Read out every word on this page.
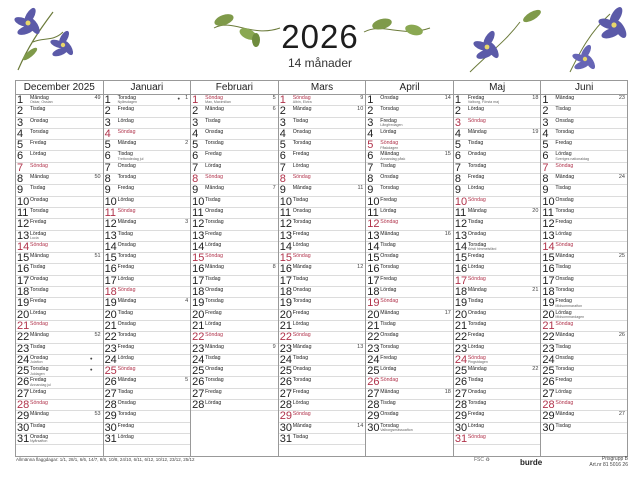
2026
14 månader
December 2025
1 Måndag
Oskar, Ossian
49
2 Tisdag
3 Onsdag
4 Torsdag
5 Fredag
6 Lördag
7 Söndag
8 Måndag	50
9 Tisdag
10 Onsdag
11 Torsdag
12 Fredag
13 Lördag
Lucia
14 Söndag
15 Måndag	51
16 Tisdag
17 Onsdag
18 Torsdag
19 Fredag
20 Lördag
21 Söndag
22 Måndag	52
23 Tisdag
24 Onsdag
Julafton
●
25 Torsdag
Juldagen
●
26 Fredag
Annandag jul
27 Lördag
28 Söndag
29 Måndag	53
30 Tisdag
31 Onsdag
Nyårsafton
Januari
1 Torsdag
Nyårsdagen
● 1
2 Fredag
3 Lördag
4 Söndag
5 Måndag	2
6 Tisdag
Trettondedag jul
7 Onsdag
8 Torsdag
9 Fredag
10 Lördag
11 Söndag
12 Måndag	3
13 Tisdag
14 Onsdag
15 Torsdag
16 Fredag
17 Lördag
18 Söndag
19 Måndag	4
20 Tisdag
21 Onsdag
22 Torsdag
23 Fredag
24 Lördag
25 Söndag
26 Måndag	5
27 Tisdag
28 Onsdag
29 Torsdag
30 Fredag
31 Lördag
Februari
1 Söndag
Max, Maximilian
5
2 Måndag	6
3 Tisdag
4 Onsdag
5 Torsdag
6 Fredag
7 Lördag
8 Söndag
9 Måndag	7
10 Tisdag
11 Onsdag
12 Torsdag
13 Fredag
14 Lördag
15 Söndag
16 Måndag	8
17 Tisdag
18 Onsdag
19 Torsdag
20 Fredag
21 Lördag
22 Söndag
23 Måndag	9
24 Tisdag
25 Onsdag
26 Torsdag
27 Fredag
28 Lördag
Mars
1 Söndag
Albin, Elvira
9
2 Måndag	10
3 Tisdag
4 Onsdag
5 Torsdag
6 Fredag
7 Lördag
8 Söndag
9 Måndag	11
10 Tisdag
11 Onsdag
12 Torsdag
13 Fredag
14 Lördag
15 Söndag
16 Måndag	12
17 Tisdag
18 Onsdag
19 Torsdag
20 Fredag
21 Lördag
22 Söndag
23 Måndag	13
24 Tisdag
25 Onsdag
26 Torsdag
27 Fredag
28 Lördag
29 Söndag
30 Måndag	14
31 Tisdag
April
1 Onsdag	14
2 Torsdag
3 Fredag
Långfredagen
4 Lördag
5 Söndag
Påskdagen
6 Måndag
Annandag påsk
15
7 Tisdag
8 Onsdag
9 Torsdag
10 Fredag
11 Lördag
12 Söndag
13 Måndag	16
14 Tisdag
15 Onsdag
16 Torsdag
17 Fredag
18 Lördag
19 Söndag
20 Måndag	17
21 Tisdag
22 Onsdag
23 Torsdag
24 Fredag
25 Lördag
26 Söndag
27 Måndag	18
28 Tisdag
29 Onsdag
30 Torsdag
Valborgsmässoafton
Maj
1 Fredag
Valborg, Första maj
18
2 Lördag
3 Söndag
4 Måndag	19
5 Tisdag
6 Onsdag
7 Torsdag
8 Fredag
9 Lördag
10 Söndag
11 Måndag	20
12 Tisdag
13 Onsdag
14 Torsdag
Kristi himmelsfärd
15 Fredag
16 Lördag
17 Söndag
18 Måndag	21
19 Tisdag
20 Onsdag
21 Torsdag
22 Fredag
23 Lördag
24 Söndag
Pingstdagen
25 Måndag	22
26 Tisdag
27 Onsdag
28 Torsdag
29 Fredag
30 Lördag
31 Söndag
Juni
1 Måndag	23
2 Tisdag
3 Onsdag
4 Torsdag
5 Fredag
6 Lördag
Sveriges nationaldag
7 Söndag
8 Måndag	24
9 Tisdag
10 Onsdag
11 Torsdag
12 Fredag
13 Lördag
14 Söndag
15 Måndag	25
16 Tisdag
17 Onsdag
18 Torsdag
19 Fredag
Midsommarafton
20 Lördag
Midsommardagen
21 Söndag
22 Måndag	26
23 Tisdag
24 Onsdag
25 Torsdag
26 Fredag
27 Lördag
28 Söndag
29 Måndag	27
30 Tisdag
Allmänna flaggdagar: 1/1, 28/1, 6/6, 14/7, 8/8, 10/8, 24/10, 6/11, 6/12, 10/12, 23/12, 25/12	FSC ♻	burde	Prisgrupp B
Art.nr 81 5016 26
